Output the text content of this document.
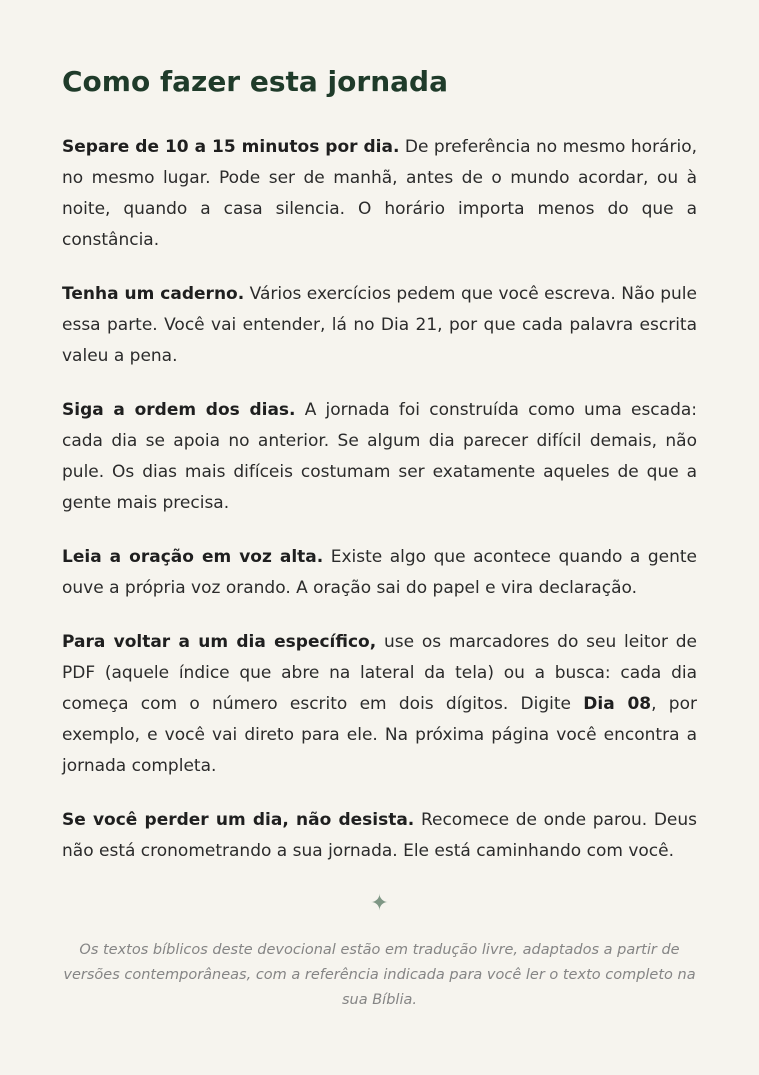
Como fazer esta jornada

Separe de 10 a 15 minutos por dia. De preferência no mesmo horário, no mesmo lugar. Pode ser de manhã, antes de o mundo acordar, ou à noite, quando a casa silencia. O horário importa menos do que a constância.

Tenha um caderno. Vários exercícios pedem que você escreva. Não pule essa parte. Você vai entender, lá no Dia 21, por que cada palavra escrita valeu a pena.

Siga a ordem dos dias. A jornada foi construída como uma escada: cada dia se apoia no anterior. Se algum dia parecer difícil demais, não pule. Os dias mais difíceis costumam ser exatamente aqueles de que a gente mais precisa.

Leia a oração em voz alta. Existe algo que acontece quando a gente ouve a própria voz orando. A oração sai do papel e vira declaração.

Para voltar a um dia específico, use os marcadores do seu leitor de PDF (aquele índice que abre na lateral da tela) ou a busca: cada dia começa com o número escrito em dois dígitos. Digite Dia 08, por exemplo, e você vai direto para ele. Na próxima página você encontra a jornada completa.

Se você perder um dia, não desista. Recomece de onde parou. Deus não está cronometrando a sua jornada. Ele está caminhando com você.

✦

Os textos bíblicos deste devocional estão em tradução livre, adaptados a partir de versões contemporâneas, com a referência indicada para você ler o texto completo na sua Bíblia.
